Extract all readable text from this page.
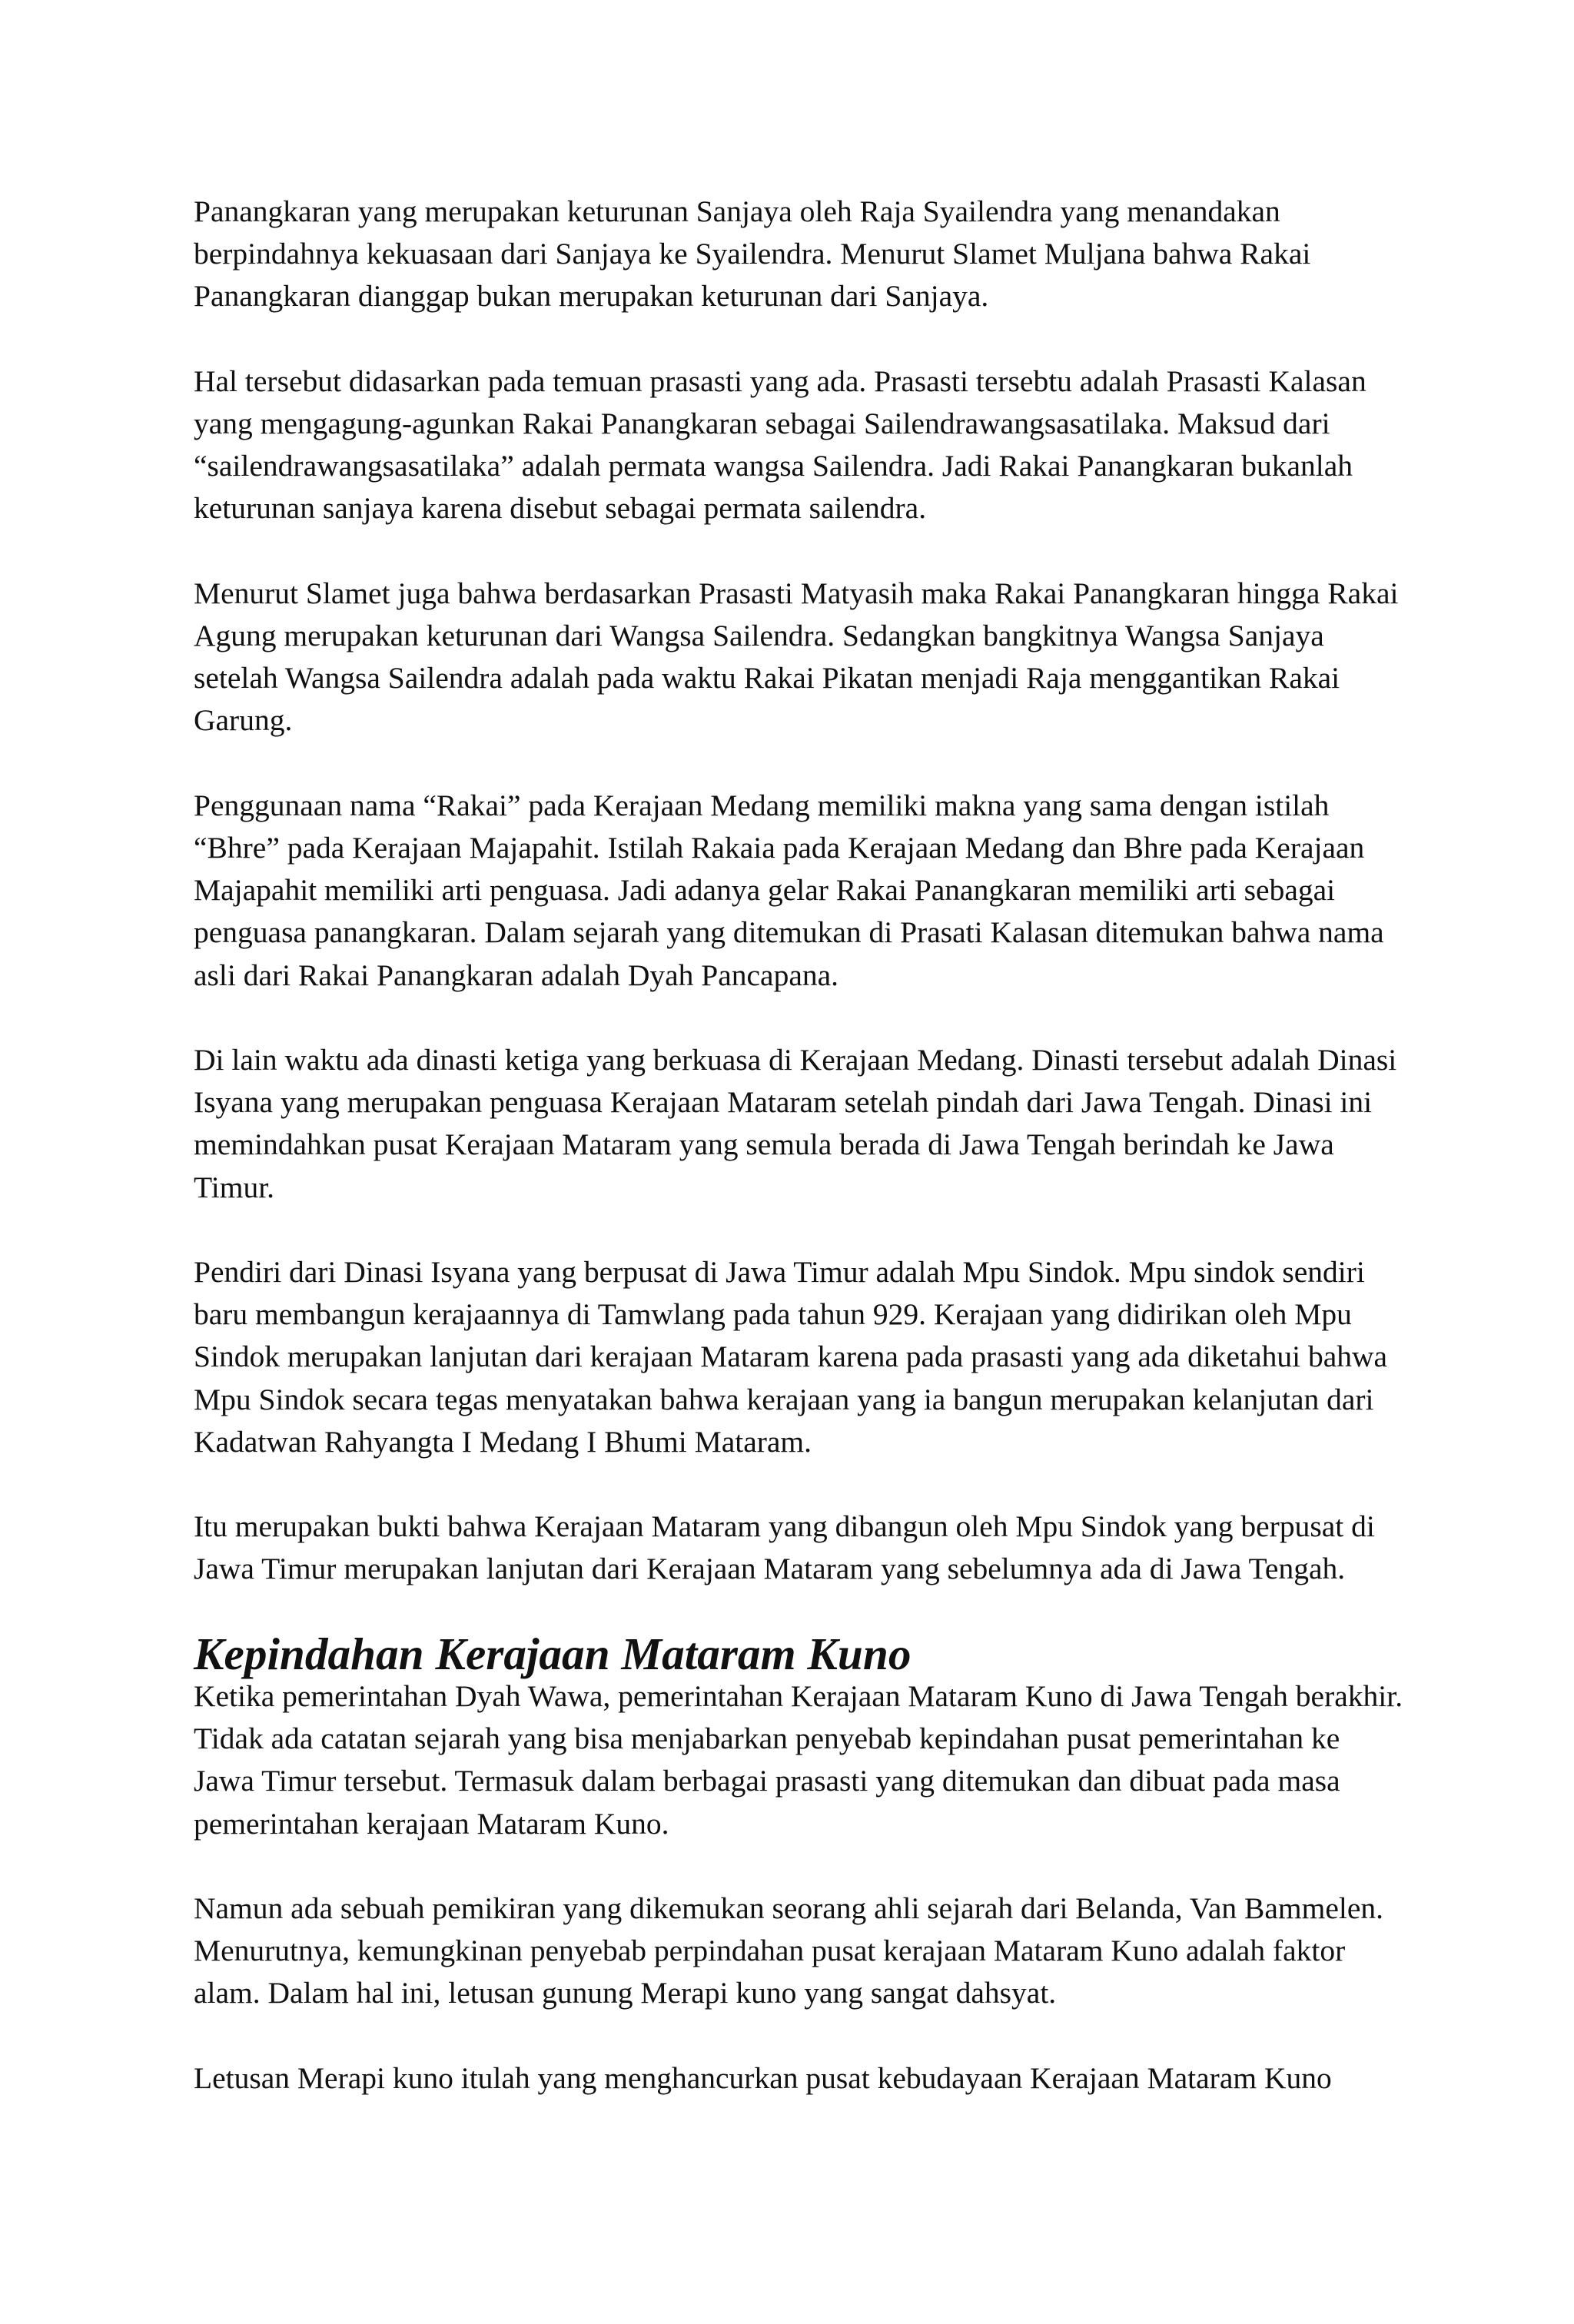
Panangkaran yang merupakan keturunan Sanjaya oleh Raja Syailendra yang menandakan berpindahnya kekuasaan dari Sanjaya ke Syailendra. Menurut Slamet Muljana bahwa Rakai Panangkaran dianggap bukan merupakan keturunan dari Sanjaya.

Hal tersebut didasarkan pada temuan prasasti yang ada. Prasasti tersebtu adalah Prasasti Kalasan yang mengagung-agunkan Rakai Panangkaran sebagai Sailendrawangsasatilaka. Maksud dari “sailendrawangsasatilaka” adalah permata wangsa Sailendra. Jadi Rakai Panangkaran bukanlah keturunan sanjaya karena disebut sebagai permata sailendra.

Menurut Slamet juga bahwa berdasarkan Prasasti Matyasih maka Rakai Panangkaran hingga Rakai Agung merupakan keturunan dari Wangsa Sailendra. Sedangkan bangkitnya Wangsa Sanjaya setelah Wangsa Sailendra adalah pada waktu Rakai Pikatan menjadi Raja menggantikan Rakai Garung.

Penggunaan nama “Rakai” pada Kerajaan Medang memiliki makna yang sama dengan istilah “Bhre” pada Kerajaan Majapahit. Istilah Rakaia pada Kerajaan Medang dan Bhre pada Kerajaan Majapahit memiliki arti penguasa. Jadi adanya gelar Rakai Panangkaran memiliki arti sebagai penguasa panangkaran. Dalam sejarah yang ditemukan di Prasati Kalasan ditemukan bahwa nama asli dari Rakai Panangkaran adalah Dyah Pancapana.

Di lain waktu ada dinasti ketiga yang berkuasa di Kerajaan Medang. Dinasti tersebut adalah Dinasi Isyana yang merupakan penguasa Kerajaan Mataram setelah pindah dari Jawa Tengah. Dinasi ini memindahkan pusat Kerajaan Mataram yang semula berada di Jawa Tengah berindah ke Jawa Timur.

Pendiri dari Dinasi Isyana yang berpusat di Jawa Timur adalah Mpu Sindok. Mpu sindok sendiri baru membangun kerajaannya di Tamwlang pada tahun 929. Kerajaan yang didirikan oleh Mpu Sindok merupakan lanjutan dari kerajaan Mataram karena pada prasasti yang ada diketahui bahwa Mpu Sindok secara tegas menyatakan bahwa kerajaan yang ia bangun merupakan kelanjutan dari Kadatwan Rahyangta I Medang I Bhumi Mataram.

Itu merupakan bukti bahwa Kerajaan Mataram yang dibangun oleh Mpu Sindok yang berpusat di Jawa Timur merupakan lanjutan dari Kerajaan Mataram yang sebelumnya ada di Jawa Tengah.

Kepindahan Kerajaan Mataram Kuno

Ketika pemerintahan Dyah Wawa, pemerintahan Kerajaan Mataram Kuno di Jawa Tengah berakhir. Tidak ada catatan sejarah yang bisa menjabarkan penyebab kepindahan pusat pemerintahan ke Jawa Timur tersebut. Termasuk dalam berbagai prasasti yang ditemukan dan dibuat pada masa pemerintahan kerajaan Mataram Kuno.

Namun ada sebuah pemikiran yang dikemukan seorang ahli sejarah dari Belanda, Van Bammelen. Menurutnya, kemungkinan penyebab perpindahan pusat kerajaan Mataram Kuno adalah faktor alam. Dalam hal ini, letusan gunung Merapi kuno yang sangat dahsyat.

Letusan Merapi kuno itulah yang menghancurkan pusat kebudayaan Kerajaan Mataram Kuno
